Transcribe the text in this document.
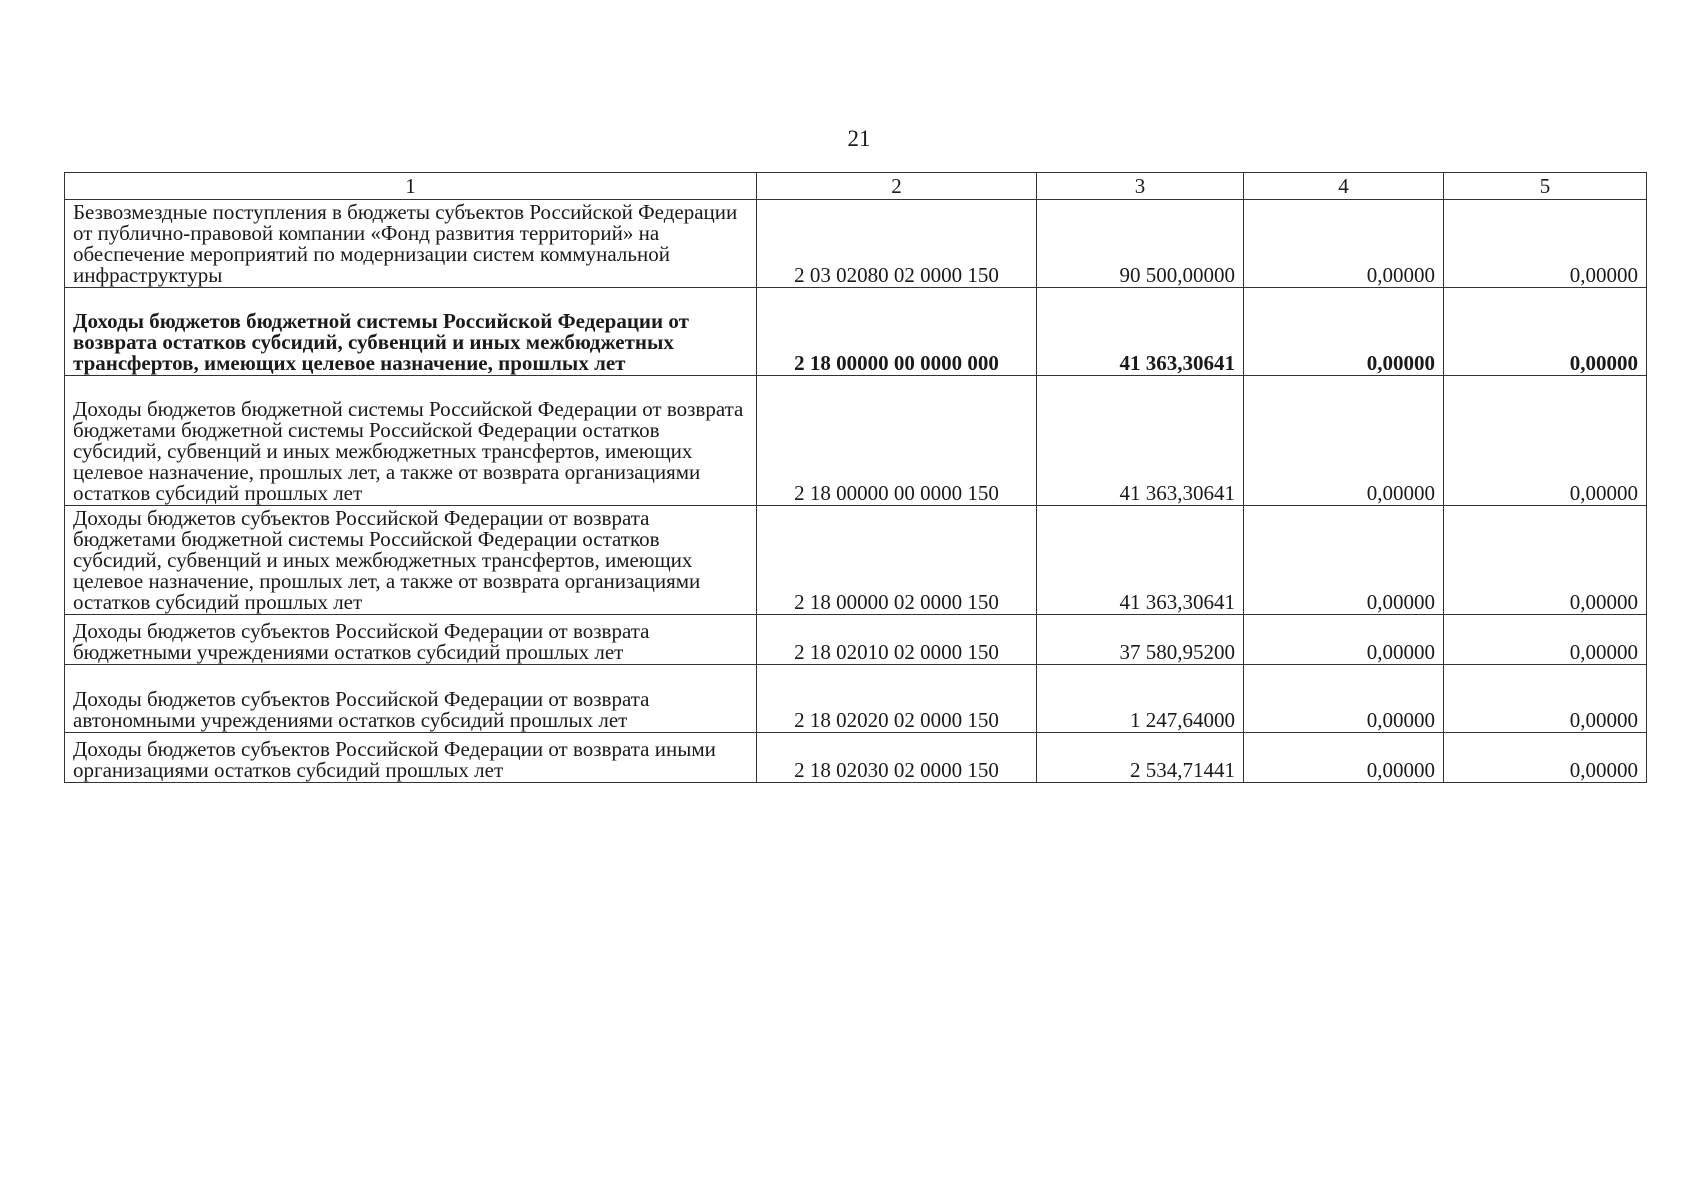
21
1	2	3	4	5
Безвозмездные поступления в бюджеты субъектов Российской Федерации от публично-правовой компании «Фонд развития территорий» на обеспечение мероприятий по модернизации систем коммунальной инфраструктуры	2 03 02080 02 0000 150	90 500,00000	0,00000	0,00000
Доходы бюджетов бюджетной системы Российской Федерации от возврата остатков субсидий, субвенций и иных межбюджетных трансфертов, имеющих целевое назначение, прошлых лет	2 18 00000 00 0000 000	41 363,30641	0,00000	0,00000
Доходы бюджетов бюджетной системы Российской Федерации от возврата бюджетами бюджетной системы Российской Федерации остатков субсидий, субвенций и иных межбюджетных трансфертов, имеющих целевое назначение, прошлых лет, а также от возврата организациями остатков субсидий прошлых лет	2 18 00000 00 0000 150	41 363,30641	0,00000	0,00000
Доходы бюджетов субъектов Российской Федерации от возврата бюджетами бюджетной системы Российской Федерации остатков субсидий, субвенций и иных межбюджетных трансфертов, имеющих целевое назначение, прошлых лет, а также от возврата организациями остатков субсидий прошлых лет	2 18 00000 02 0000 150	41 363,30641	0,00000	0,00000
Доходы бюджетов субъектов Российской Федерации от возврата бюджетными учреждениями остатков субсидий прошлых лет	2 18 02010 02 0000 150	37 580,95200	0,00000	0,00000
Доходы бюджетов субъектов Российской Федерации от возврата автономными учреждениями остатков субсидий прошлых лет	2 18 02020 02 0000 150	1 247,64000	0,00000	0,00000
Доходы бюджетов субъектов Российской Федерации от возврата иными организациями остатков субсидий прошлых лет	2 18 02030 02 0000 150	2 534,71441	0,00000	0,00000
